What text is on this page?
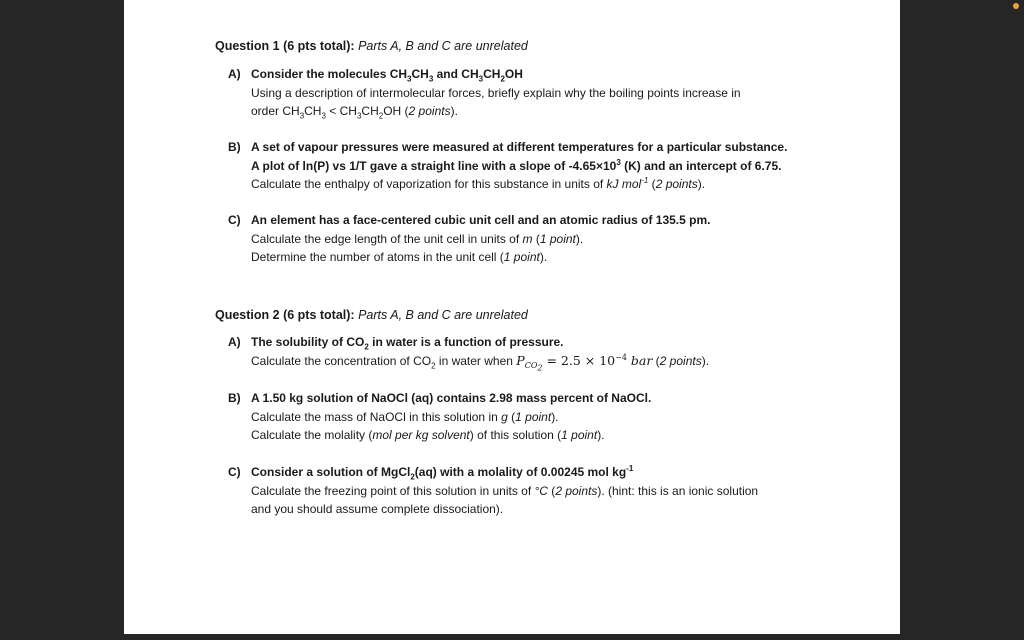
Question 1 (6 pts total): Parts A, B and C are unrelated
A) Consider the molecules $CH_3CH_3$ and $CH_3CH_2OH$
Using a description of intermolecular forces, briefly explain why the boiling points increase in
order $CH_3CH_3 < CH_3CH_2OH$ (2 points).
B) A set of vapour pressures were measured at different temperatures for a particular substance.
A plot of ln(P) vs 1/T gave a straight line with a slope of $-4.65\times 10^3$ (K) and an intercept of 6.75.
Calculate the enthalpy of vaporization for this substance in units of kJ mol$^{-1}$ (2 points).
C) An element has a face-centered cubic unit cell and an atomic radius of 135.5 pm.
Calculate the edge length of the unit cell in units of m (1 point).
Determine the number of atoms in the unit cell (1 point).
Question 2 (6 pts total): Parts A, B and C are unrelated
A) The solubility of $CO_2$ in water is a function of pressure.
Calculate the concentration of $CO_2$ in water when $P_{CO_2} = 2.5 \times 10^{-4}$ bar (2 points).
B) A 1.50 kg solution of NaOCl (aq) contains 2.98 mass percent of NaOCl.
Calculate the mass of NaOCl in this solution in g (1 point).
Calculate the molality (mol per kg solvent) of this solution (1 point).
C) Consider a solution of MgCl$_2$(aq) with a molality of 0.00245 mol $kg^{-1}$
Calculate the freezing point of this solution in units of °C (2 points). (hint: this is an ionic solution
and you should assume complete dissociation).
